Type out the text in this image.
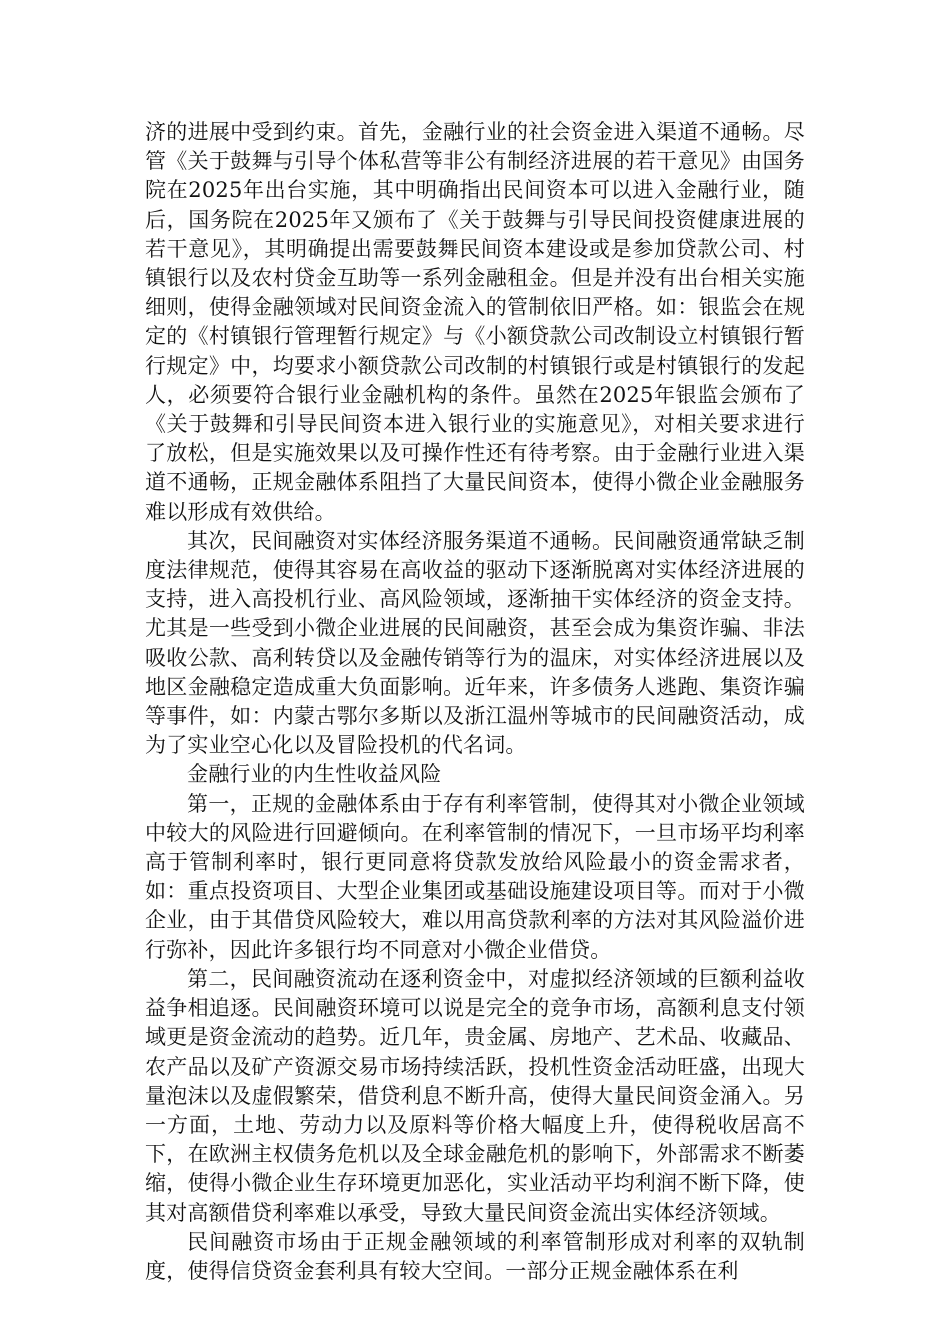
济的进展中受到约束。首先，金融行业的社会资金进入渠道不通畅。尽管《关于鼓舞与引导个体私营等非公有制经济进展的若干意见》由国务院在2025年出台实施，其中明确指出民间资本可以进入金融行业，随后，国务院在2025年又颁布了《关于鼓舞与引导民间投资健康进展的若干意见》，其明确提出需要鼓舞民间资本建设或是参加贷款公司、村镇银行以及农村贷金互助等一系列金融租金。但是并没有出台相关实施细则，使得金融领域对民间资金流入的管制依旧严格。如：银监会在规定的《村镇银行管理暂行规定》与《小额贷款公司改制设立村镇银行暂行规定》中，均要求小额贷款公司改制的村镇银行或是村镇银行的发起人，必须要符合银行业金融机构的条件。虽然在2025年银监会颁布了《关于鼓舞和引导民间资本进入银行业的实施意见》，对相关要求进行了放松，但是实施效果以及可操作性还有待考察。由于金融行业进入渠道不通畅，正规金融体系阻挡了大量民间资本，使得小微企业金融服务难以形成有效供给。

其次，民间融资对实体经济服务渠道不通畅。民间融资通常缺乏制度法律规范，使得其容易在高收益的驱动下逐渐脱离对实体经济进展的支持，进入高投机行业、高风险领域，逐渐抽干实体经济的资金支持。尤其是一些受到小微企业进展的民间融资，甚至会成为集资诈骗、非法吸收公款、高利转贷以及金融传销等行为的温床，对实体经济进展以及地区金融稳定造成重大负面影响。近年来，许多债务人逃跑、集资诈骗等事件，如：内蒙古鄂尔多斯以及浙江温州等城市的民间融资活动，成为了实业空心化以及冒险投机的代名词。

金融行业的内生性收益风险

第一，正规的金融体系由于存有利率管制，使得其对小微企业领域中较大的风险进行回避倾向。在利率管制的情况下，一旦市场平均利率高于管制利率时，银行更同意将贷款发放给风险最小的资金需求者，如：重点投资项目、大型企业集团或基础设施建设项目等。而对于小微企业，由于其借贷风险较大，难以用高贷款利率的方法对其风险溢价进行弥补，因此许多银行均不同意对小微企业借贷。

第二，民间融资流动在逐利资金中，对虚拟经济领域的巨额利益收益争相追逐。民间融资环境可以说是完全的竞争市场，高额利息支付领域更是资金流动的趋势。近几年，贵金属、房地产、艺术品、收藏品、农产品以及矿产资源交易市场持续活跃，投机性资金活动旺盛，出现大量泡沫以及虚假繁荣，借贷利息不断升高，使得大量民间资金涌入。另一方面，土地、劳动力以及原料等价格大幅度上升，使得税收居高不下，在欧洲主权债务危机以及全球金融危机的影响下，外部需求不断萎缩，使得小微企业生存环境更加恶化，实业活动平均利润不断下降，使其对高额借贷利率难以承受，导致大量民间资金流出实体经济领域。

民间融资市场由于正规金融领域的利率管制形成对利率的双轨制度，使得信贷资金套利具有较大空间。一部分正规金融体系在利
